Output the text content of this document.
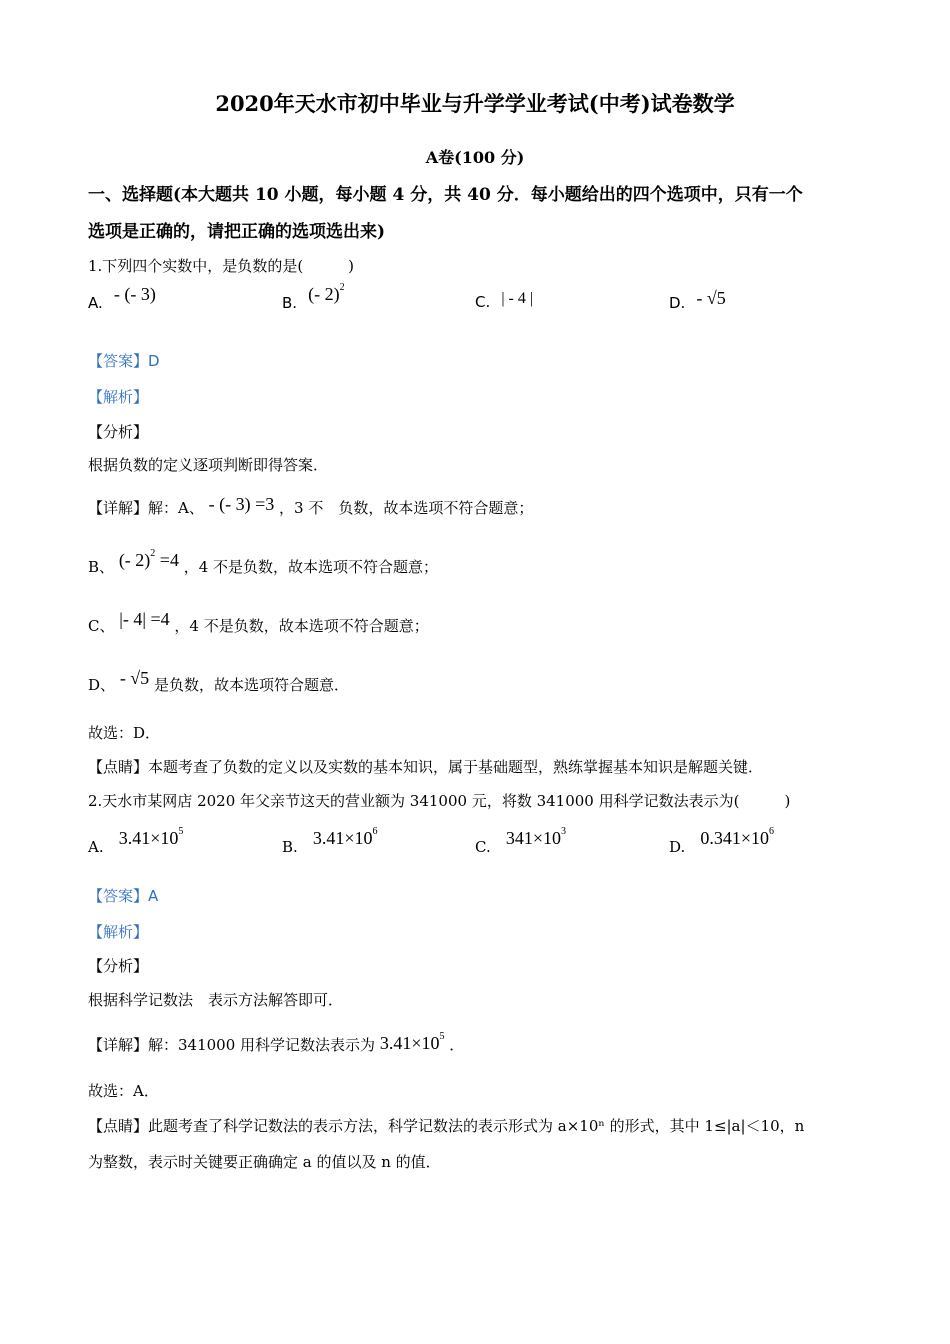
2020年天水市初中毕业与升学学业考试(中考)试卷数学
A卷(100 分)
一、选择题(本大题共 10 小题，每小题 4 分，共 40 分．每小题给出的四个选项中，只有一个
选项是正确的，请把正确的选项选出来)
1.下列四个实数中，是负数的是(　　　)
A. - (- 3)	B. (- 2)$^2$
C. | - 4 |	D. - √5
【答案】D
【解析】
【分析】
根据负数的定义逐项判断即得答案．
【详解】解：A、 - (- 3) =3 ，3 不　负数，故本选项不符合题意；
B、 (- 2)$^2$ =4 ，4 不是负数，故本选项不符合题意；
C、 |- 4| =4 ，4 不是负数，故本选项不符合题意；
D、 - √5 是负数，故本选项符合题意．
故选：D．
【点睛】本题考查了负数的定义以及实数的基本知识，属于基础题型，熟练掌握基本知识是解题关键．
2.天水市某网店 2020 年父亲节这天的营业额为 341000 元，将数 341000 用科学记数法表示为(　　　)
A. $3.41\times 10^5$
B. $3.41\times 10^6$
C. $341\times 10^3$
D. $0.341\times 10^6$
【答案】A
【解析】
【分析】
根据科学记数法　表示方法解答即可．
【详解】解：341000 用科学记数法表示为 $3.41\times 10^5$ ．
故选：A．
【点睛】此题考查了科学记数法的表示方法，科学记数法的表示形式为 a×10ⁿ 的形式，其中 1≤|a|＜10，n
为整数，表示时关键要正确确定 a 的值以及 n 的值．
